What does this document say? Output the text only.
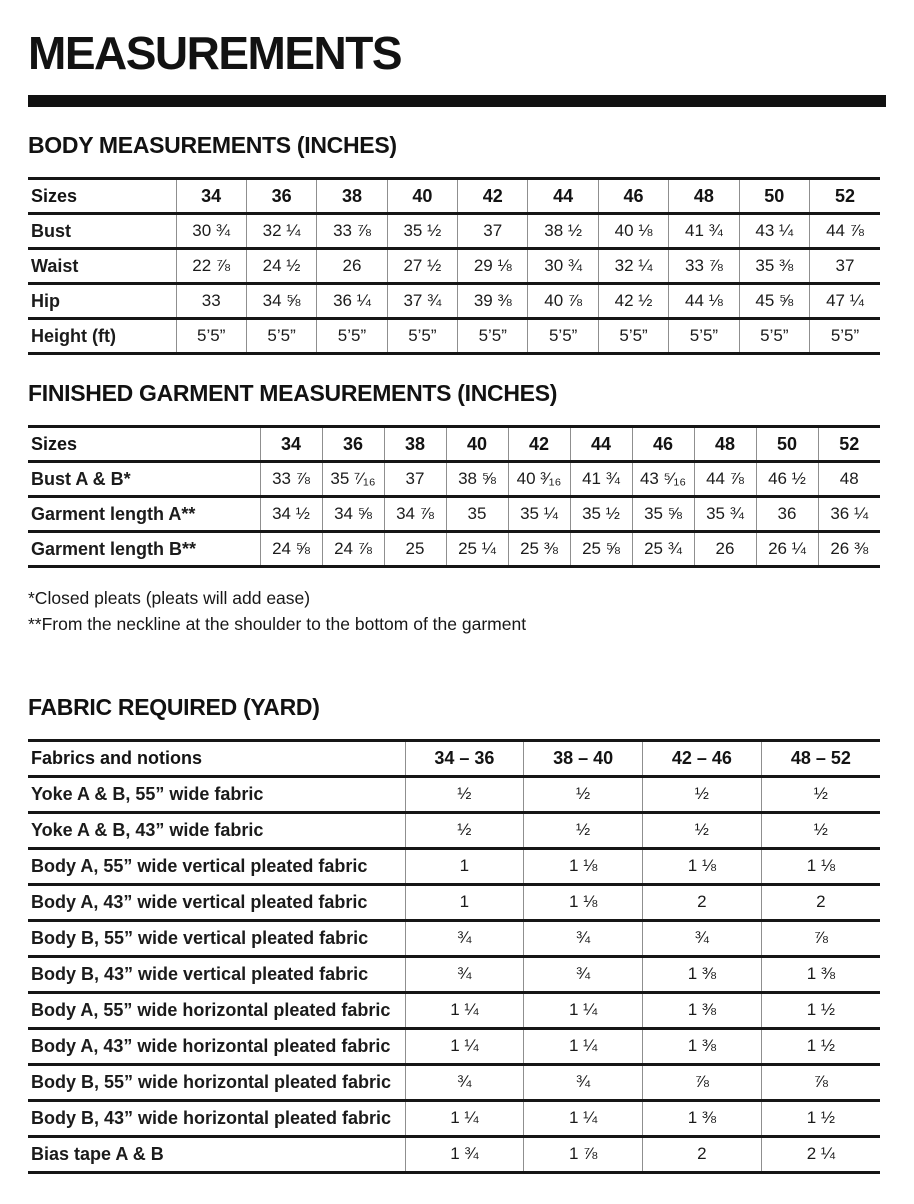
MEASUREMENTS
BODY MEASUREMENTS (INCHES)
Sizes	34	36	38	40	42	44	46	48	50	52
Bust	30 ¾	32 ¼	33 ⅞	35 ½	37	38 ½	40 ⅛	41 ¾	43 ¼	44 ⅞
Waist	22 ⅞	24 ½	26	27 ½	29 ⅛	30 ¾	32 ¼	33 ⅞	35 ⅜	37
Hip	33	34 ⅝	36 ¼	37 ¾	39 ⅜	40 ⅞	42 ½	44 ⅛	45 ⅝	47 ¼
Height (ft)	5’5”	5’5”	5’5”	5’5”	5’5”	5’5”	5’5”	5’5”	5’5”	5’5”
FINISHED GARMENT MEASUREMENTS (INCHES)
Sizes	34	36	38	40	42	44	46	48	50	52
Bust A & B*	33 ⅞	35 ⁷⁄₁₆	37	38 ⅝	40 ³⁄₁₆	41 ¾	43 ⁵⁄₁₆	44 ⅞	46 ½	48
Garment length A**	34 ½	34 ⅝	34 ⅞	35	35 ¼	35 ½	35 ⅝	35 ¾	36	36 ¼
Garment length B**	24 ⅝	24 ⅞	25	25 ¼	25 ⅜	25 ⅝	25 ¾	26	26 ¼	26 ⅜

*Closed pleats (pleats will add ease)

**From the neckline at the shoulder to the bottom of the garment

FABRIC REQUIRED (YARD)
Fabrics and notions	34 – 36	38 – 40	42 – 46	48 – 52
Yoke A & B, 55” wide fabric	½	½	½	½
Yoke A & B, 43” wide fabric	½	½	½	½
Body A, 55” wide vertical pleated fabric	1	1 ⅛	1 ⅛	1 ⅛
Body A, 43” wide vertical pleated fabric	1	1 ⅛	2	2
Body B, 55” wide vertical pleated fabric	¾	¾	¾	⅞
Body B, 43” wide vertical pleated fabric	¾	¾	1 ⅜	1 ⅜
Body A, 55” wide horizontal pleated fabric	1 ¼	1 ¼	1 ⅜	1 ½
Body A, 43” wide horizontal pleated fabric	1 ¼	1 ¼	1 ⅜	1 ½
Body B, 55” wide horizontal pleated fabric	¾	¾	⅞	⅞
Body B, 43” wide horizontal pleated fabric	1 ¼	1 ¼	1 ⅜	1 ½
Bias tape A & B	1 ¾	1 ⅞	2	2 ¼
